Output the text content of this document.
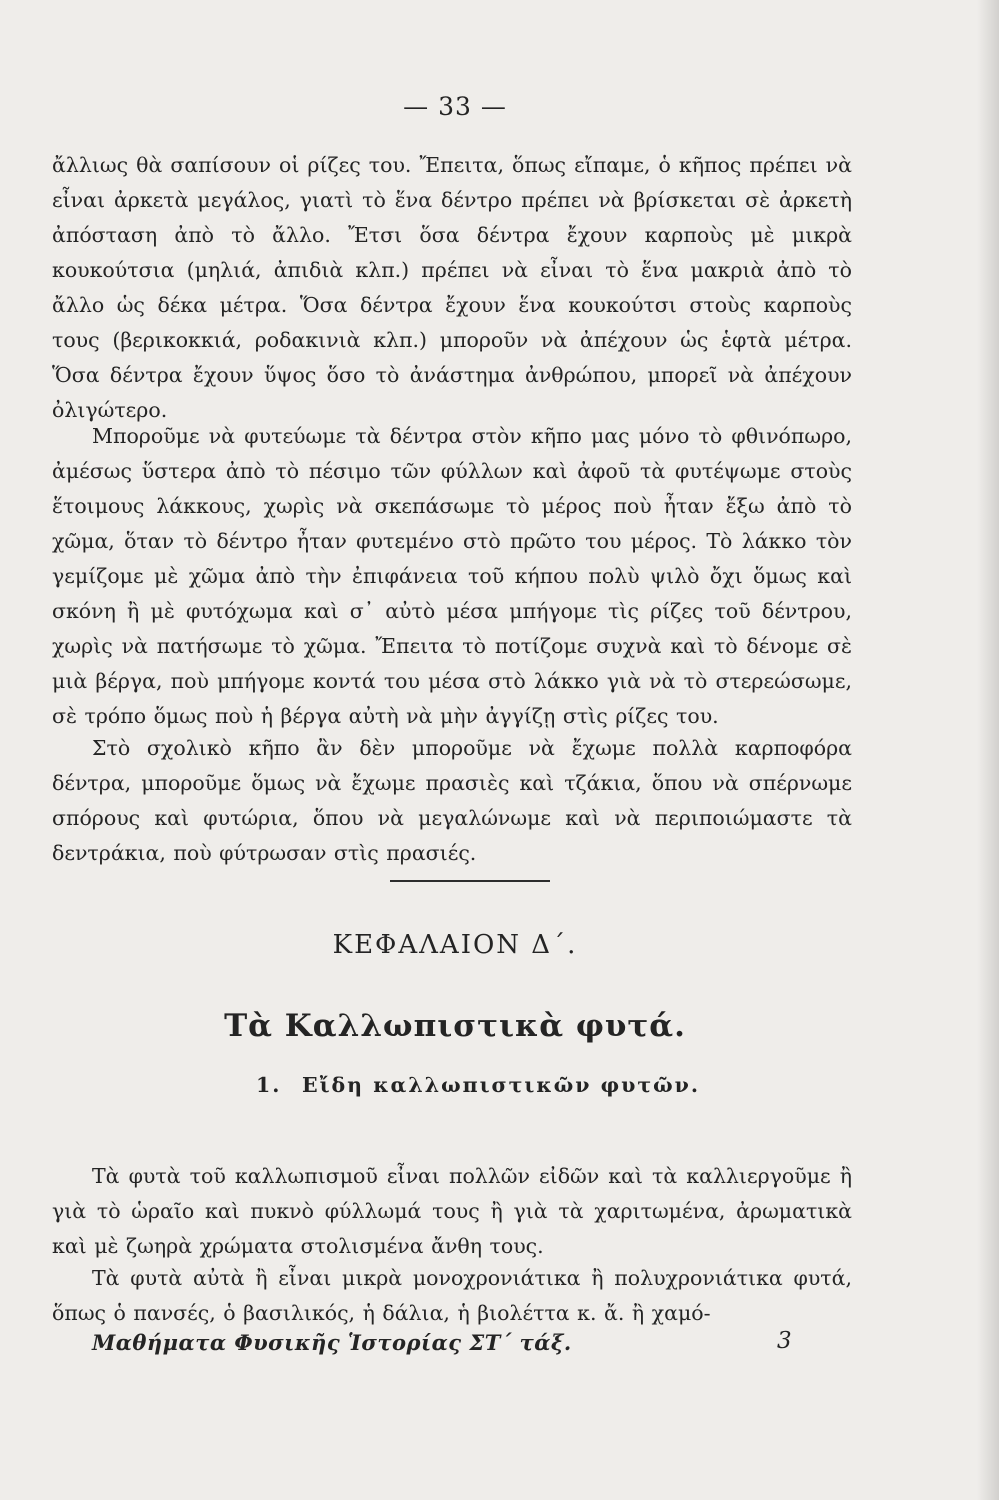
— 33 —

ἄλλιως θὰ σαπίσουν οἱ ρίζες του. Ἔπειτα, ὅπως εἴπαμε, ὁ κῆπος πρέπει νὰ εἶναι ἀρκετὰ μεγάλος, γιατὶ τὸ ἕνα δέντρο πρέπει νὰ βρίσκεται σὲ ἀρκετὴ ἀπόσταση ἀπὸ τὸ ἄλλο. Ἔτσι ὅσα δέντρα ἔχουν καρποὺς μὲ μικρὰ κουκούτσια (μηλιά, ἀπιδιὰ κλπ.) πρέπει νὰ εἶναι τὸ ἕνα μακριὰ ἀπὸ τὸ ἄλλο ὡς δέκα μέτρα. Ὅσα δέντρα ἔχουν ἕνα κουκούτσι στοὺς καρποὺς τους (βερικοκκιά, ροδακινιὰ κλπ.) μποροῦν νὰ ἀπέχουν ὡς ἑφτὰ μέτρα. Ὅσα δέντρα ἔχουν ὕψος ὅσο τὸ ἀνάστημα ἀνθρώπου, μπορεῖ νὰ ἀπέχουν ὀλιγώτερο.

Μποροῦμε νὰ φυτεύωμε τὰ δέντρα στὸν κῆπο μας μόνο τὸ φθινόπωρο, ἀμέσως ὕστερα ἀπὸ τὸ πέσιμο τῶν φύλλων καὶ ἀφοῦ τὰ φυτέψωμε στοὺς ἕτοιμους λάκκους, χωρὶς νὰ σκεπάσωμε τὸ μέρος ποὺ ἦταν ἔξω ἀπὸ τὸ χῶμα, ὅταν τὸ δέντρο ἦταν φυτεμένο στὸ πρῶτο του μέρος. Τὸ λάκκο τὸν γεμίζομε μὲ χῶμα ἀπὸ τὴν ἐπιφάνεια τοῦ κήπου πολὺ ψιλὸ ὄχι ὅμως καὶ σκόνη ἢ μὲ φυτόχωμα καὶ σ᾽ αὐτὸ μέσα μπήγομε τὶς ρίζες τοῦ δέντρου, χωρὶς νὰ πατήσωμε τὸ χῶμα. Ἔπειτα τὸ ποτίζομε συχνὰ καὶ τὸ δένομε σὲ μιὰ βέργα, ποὺ μπήγομε κοντά του μέσα στὸ λάκκο γιὰ νὰ τὸ στερεώσωμε, σὲ τρόπο ὅμως ποὺ ἡ βέργα αὐτὴ νὰ μὴν ἀγγίζῃ στὶς ρίζες του.

Στὸ σχολικὸ κῆπο ἂν δὲν μποροῦμε νὰ ἔχωμε πολλὰ καρποφόρα δέντρα, μποροῦμε ὅμως νὰ ἔχωμε πρασιὲς καὶ τζάκια, ὅπου νὰ σπέρνωμε σπόρους καὶ φυτώρια, ὅπου νὰ μεγαλώνωμε καὶ νὰ περιποιώμαστε τὰ δεντράκια, ποὺ φύτρωσαν στὶς πρασιές.

ΚΕΦΑΛΑΙΟΝ Δ΄.
Τὰ Καλλωπιστικὰ φυτά.
1. Εἴδη καλλωπιστικῶν φυτῶν.

Τὰ φυτὰ τοῦ καλλωπισμοῦ εἶναι πολλῶν εἰδῶν καὶ τὰ καλλιεργοῦμε ἢ γιὰ τὸ ὡραῖο καὶ πυκνὸ φύλλωμά τους ἢ γιὰ τὰ χαριτωμένα, ἀρωματικὰ καὶ μὲ ζωηρὰ χρώματα στολισμένα ἄνθη τους.

Τὰ φυτὰ αὐτὰ ἢ εἶναι μικρὰ μονοχρονιάτικα ἢ πολυχρονιάτικα φυτά, ὅπως ὁ πανσές, ὁ βασιλικός, ἡ δάλια, ἡ βιολέττα κ. ἄ. ἢ χαμό-

Μαθήματα Φυσικῆς Ἱστορίας ΣΤ΄ τάξ.	3
